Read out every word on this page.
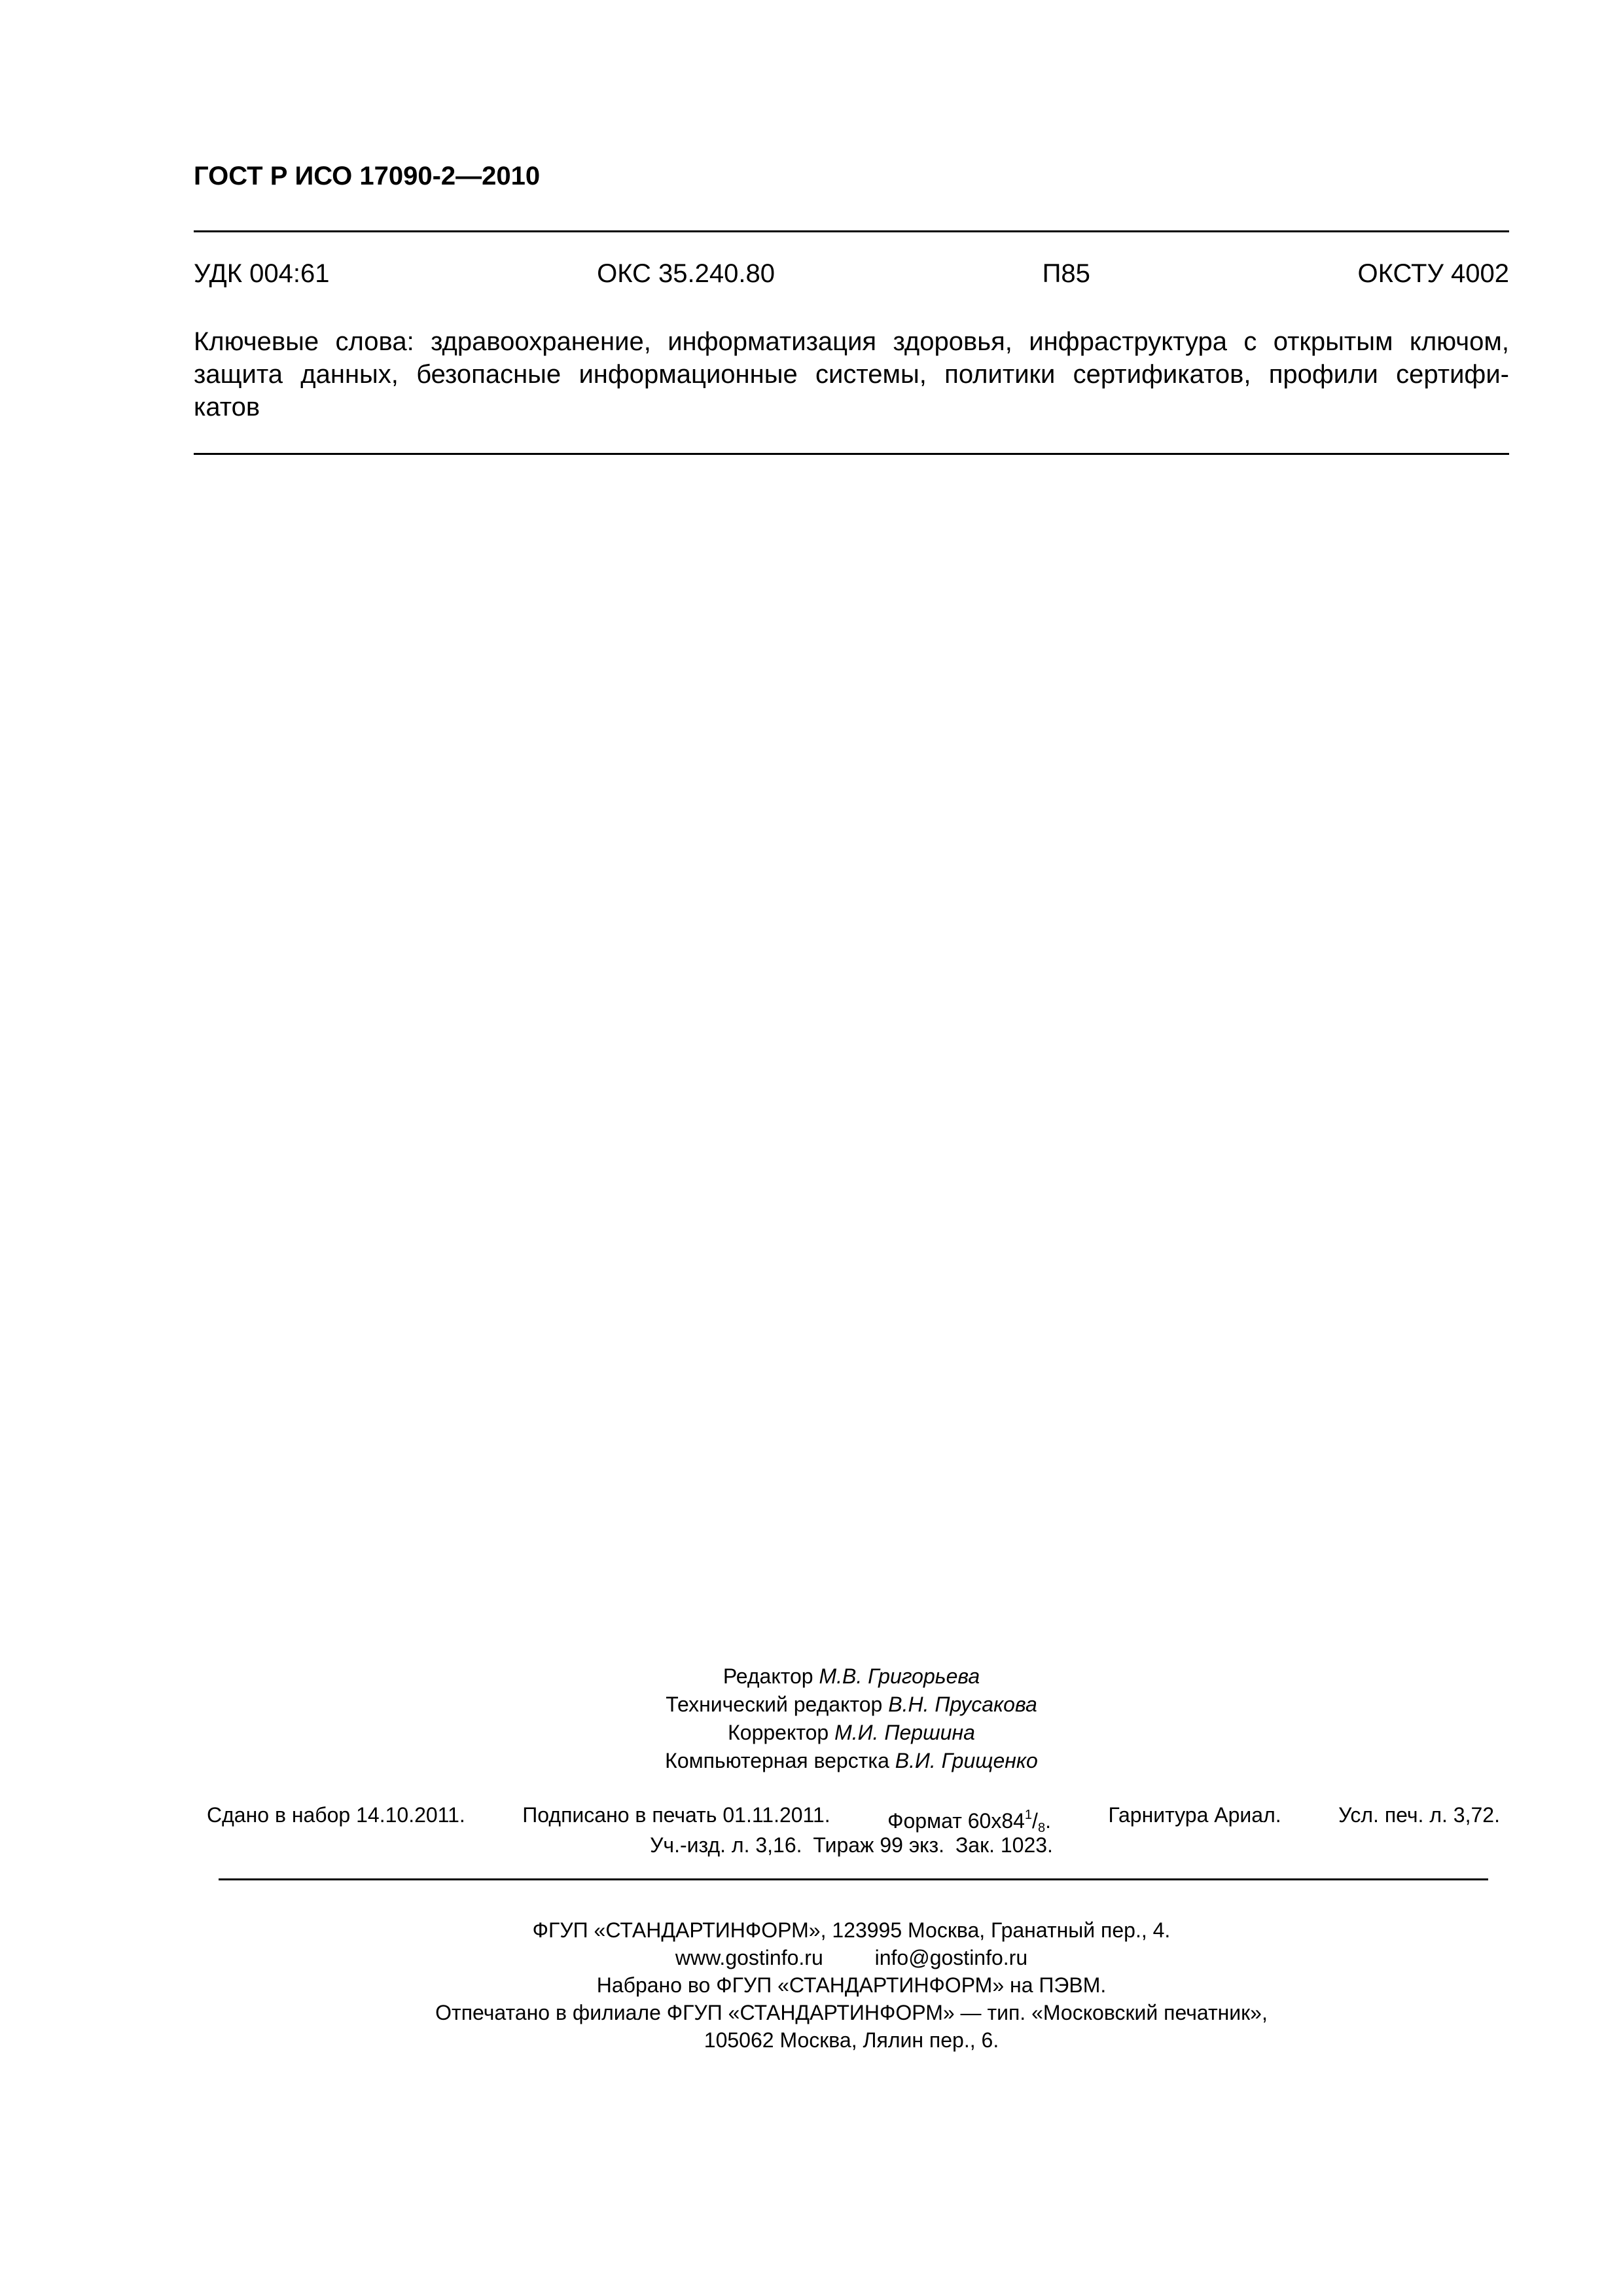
ГОСТ Р ИСО 17090-2—2010
УДК 004:61	ОКС 35.240.80	П85	ОКСТУ 4002
Ключевые слова: здравоохранение, информатизация здоровья, инфраструктура с открытым ключом,
защита данных, безопасные информационные системы, политики сертификатов, профили сертифи-
катов
Редактор М.В. Григорьева
Технический редактор В.Н. Прусакова
Корректор М.И. Першина
Компьютерная верстка В.И. Грищенко
Сдано в набор 14.10.2011.	Подписано в печать 01.11.2011.	Формат $60x84^1/_8$.	Гарнитура Ариал.	Усл. печ. л. 3,72.
Уч.-изд. л. 3,16. Тираж 99 экз. Зак. 1023.
ФГУП «СТАНДАРТИНФОРМ», 123995 Москва, Гранатный пер., 4.
www.gostinfo.ru info@gostinfo.ru
Набрано во ФГУП «СТАНДАРТИНФОРМ» на ПЭВМ.
Отпечатано в филиале ФГУП «СТАНДАРТИНФОРМ» — тип. «Московский печатник»,
105062 Москва, Лялин пер., 6.
